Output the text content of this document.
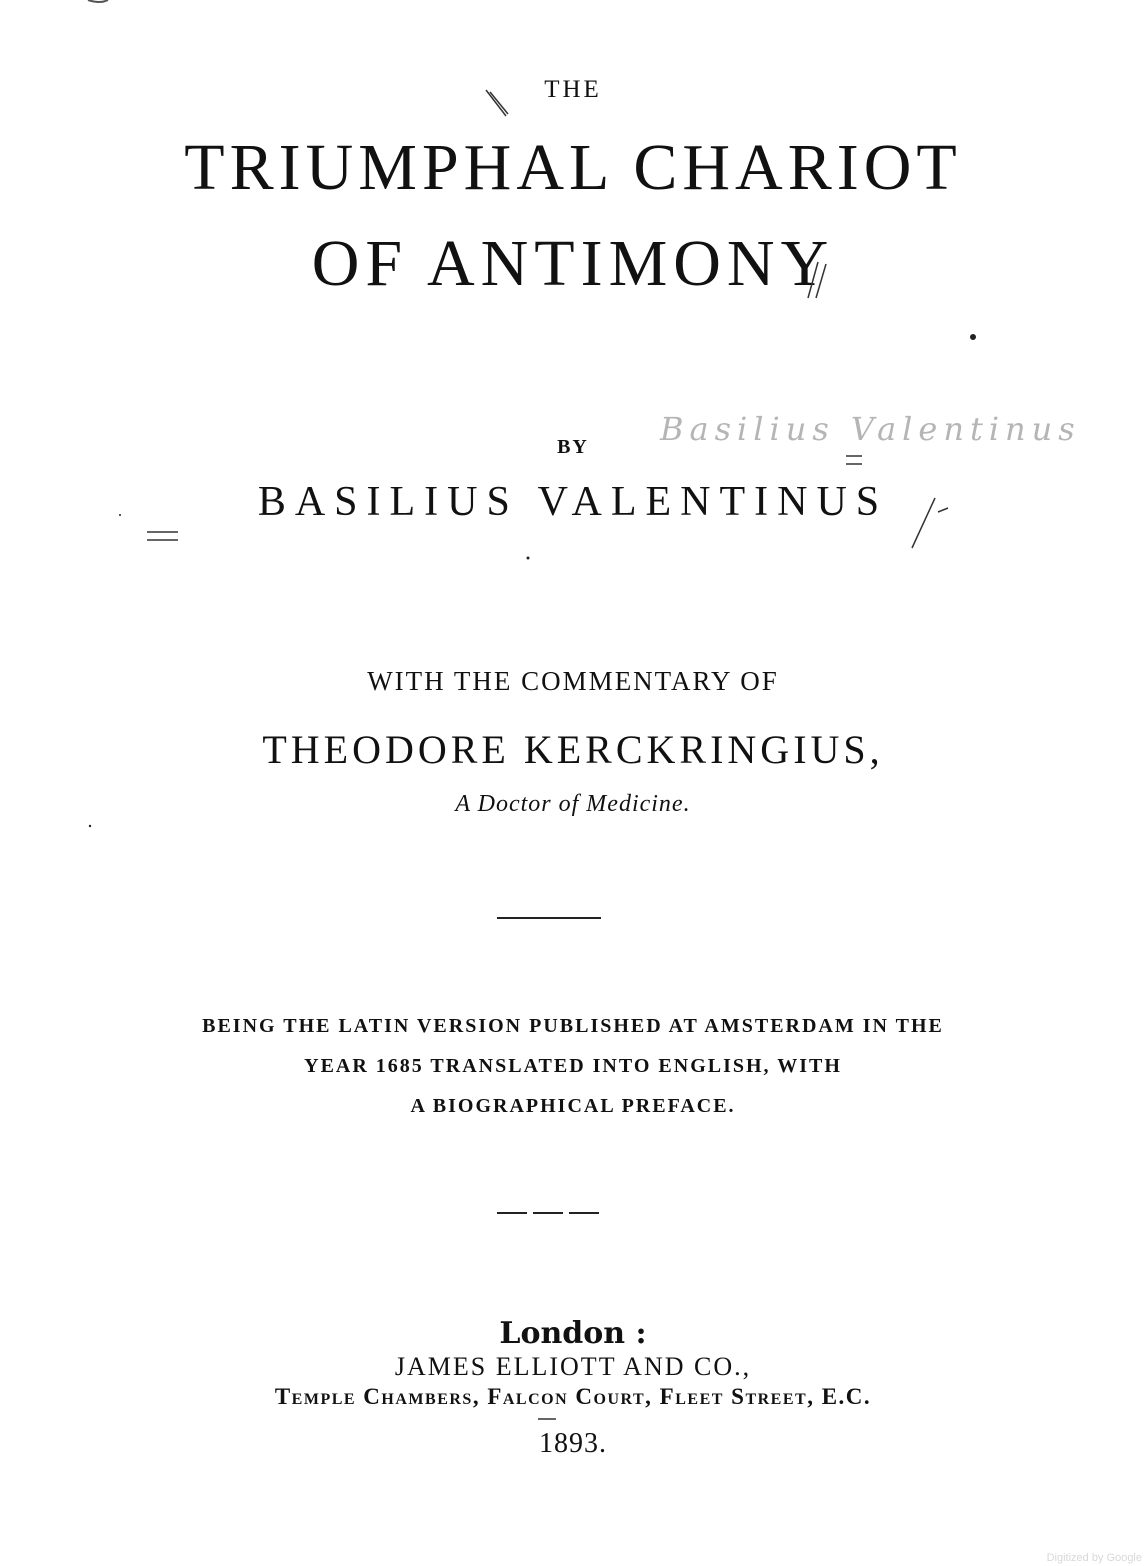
THE
TRIUMPHAL CHARIOT
OF ANTIMONY
BY	Basilius Valentinus
BASILIUS VALENTINUS
WITH THE COMMENTARY OF
THEODORE KERCKRINGIUS,
A Doctor of Medicine.
BEING THE LATIN VERSION PUBLISHED AT AMSTERDAM IN THE
YEAR 1685 TRANSLATED INTO ENGLISH, WITH
A BIOGRAPHICAL PREFACE.
London :
JAMES ELLIOTT AND CO.,
Temple Chambers, Falcon Court, Fleet Street, E.C.
1893.
Digitized by Google
